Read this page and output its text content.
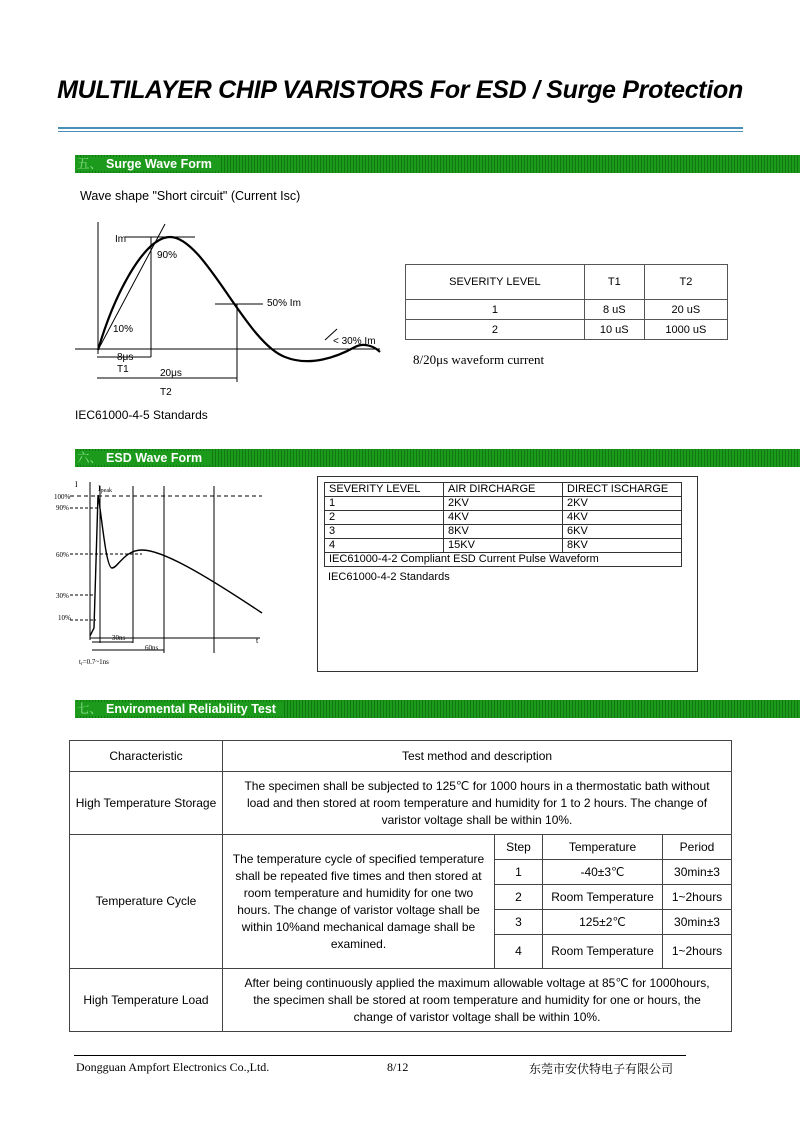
MULTILAYER CHIP VARISTORS For ESD / Surge Protection
五、 Surge Wave Form
Wave shape "Short circuit" (Current Isc)
Im
90%
50% Im
10%
< 30% Im
8μs
T1	20μs
T2
SEVERITY LEVEL	T1	T2
1	8 uS	20 uS
2	10 uS	1000 uS
8/20μs waveform current
IEC61000-4-5 Standards
六、 ESD Wave Form
I	Ipeak
100%
90%
60%
30%
10%
30ns
60ns
t
tr=0.7~1ns
SEVERITY LEVEL	AIR DIRCHARGE	DIRECT ISCHARGE
1	2KV	2KV
2	4KV	4KV
3	8KV	6KV
4	15KV	8KV
IEC61000-4-2 Compliant ESD Current Pulse Waveform		
IEC61000-4-2 Standards
七、 Enviromental Reliability Test
Characteristic	Test method and description			
High Temperature Storage	The specimen shall be subjected to 125℃ for 1000 hours in a thermostatic bath without load and then stored at room temperature and humidity for 1 to 2 hours. The change of varistor voltage shall be within 10%.			
Temperature Cycle	The temperature cycle of specified temperature shall be repeated five times and then stored at room temperature and humidity for one two hours. The change of varistor voltage shall be within 10%and mechanical damage shall be examined.	Step	Temperature	Period
		1	-40±3℃	30min±3
		2	Room Temperature	1~2hours
		3	125±2℃	30min±3
		4	Room Temperature	1~2hours
High Temperature Load	After being continuously applied the maximum allowable voltage at 85℃ for 1000hours, the specimen shall be stored at room temperature and humidity for one or hours, the change of varistor voltage shall be within 10%.			
Dongguan Ampfort Electronics Co.,Ltd.	8/12	东莞市安伏特电子有限公司
